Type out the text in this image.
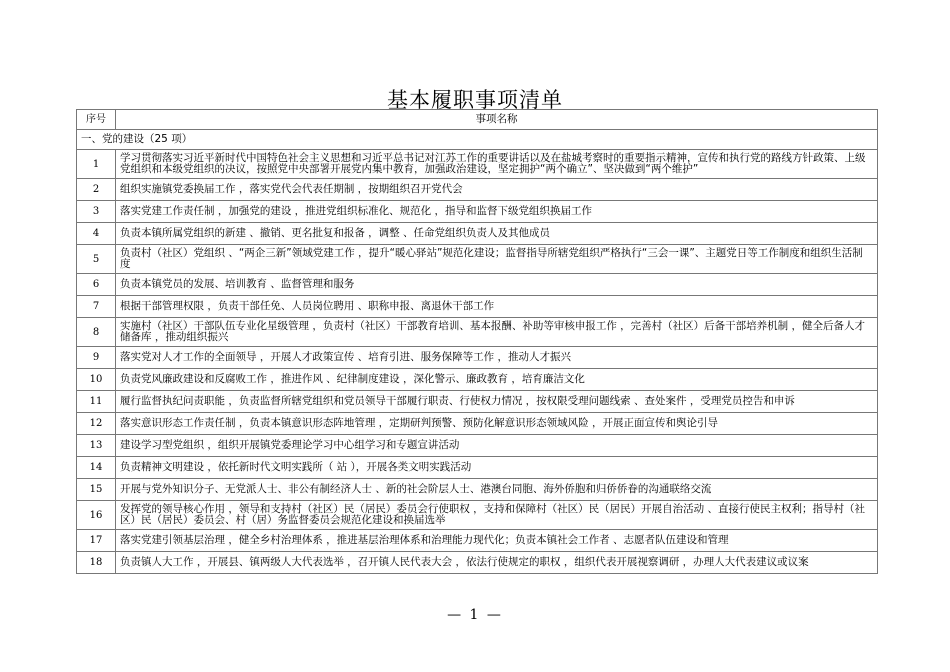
基本履职事项清单
序号	事项名称
一、党的建设（25 项）	
1	学习贯彻落实习近平新时代中国特色社会主义思想和习近平总书记对江苏工作的重要讲话以及在盐城考察时的重要指示精神，宣传和执行党的路线方针政策、上级党组织和本级党组织的决议，按照党中央部署开展党内集中教育，加强政治建设，坚定拥护“两个确立”、坚决做到“两个维护”
2	组织实施镇党委换届工作 ，落实党代会代表任期制 ，按期组织召开党代会
3	落实党建工作责任制 ，加强党的建设 ，推进党组织标准化、规范化 ，指导和监督下级党组织换届工作
4	负责本镇所属党组织的新建 、撤销、更名批复和报备 ，调整 、任命党组织负责人及其他成员
5	负责村（社区）党组织 、“两企三新”领域党建工作 ，提升“暖心驿站”规范化建设；监督指导所辖党组织严格执行“三会一课”、主题党日等工作制度和组织生活制度
6	负责本镇党员的发展、培训教育 、监督管理和服务
7	根据干部管理权限 ，负责干部任免、人员岗位聘用 、职称申报、离退休干部工作
8	实施村（社区）干部队伍专业化星级管理 ，负责村（社区）干部教育培训、基本报酬、补助等审核申报工作 ，完善村（社区）后备干部培养机制 ，健全后备人才储备库 ，推动组织振兴
9	落实党对人才工作的全面领导 ，开展人才政策宣传 、培育引进、服务保障等工作 ，推动人才振兴
10	负责党风廉政建设和反腐败工作 ，推进作风 、纪律制度建设 ，深化警示、廉政教育 ，培育廉洁文化
11	履行监督执纪问责职能 ，负责监督所辖党组织和党员领导干部履行职责、行使权力情况 ，按权限受理问题线索 、查处案件 ，受理党员控告和申诉
12	落实意识形态工作责任制 ，负责本镇意识形态阵地管理 ，定期研判预警、预防化解意识形态领域风险 ，开展正面宣传和舆论引导
13	建设学习型党组织 ，组织开展镇党委理论学习中心组学习和专题宣讲活动
14	负责精神文明建设 ，依托新时代文明实践所（ 站 ），开展各类文明实践活动
15	开展与党外知识分子、无党派人士、非公有制经济人士 、新的社会阶层人士、港澳台同胞、海外侨胞和归侨侨眷的沟通联络交流
16	发挥党的领导核心作用 ，领导和支持村（社区）民（居民）委员会行使职权 ，支持和保障村（社区）民（居民）开展自治活动 、直接行使民主权利；指导村（社区）民（居民）委员会、村（居）务监督委员会规范化建设和换届选举
17	落实党建引领基层治理 ，健全乡村治理体系 ，推进基层治理体系和治理能力现代化；负责本镇社会工作者 、志愿者队伍建设和管理
18	负责镇人大工作 ，开展县、镇两级人大代表选举 ，召开镇人民代表大会 ，依法行使规定的职权 ，组织代表开展视察调研 ，办理人大代表建议或议案
— 1 —
